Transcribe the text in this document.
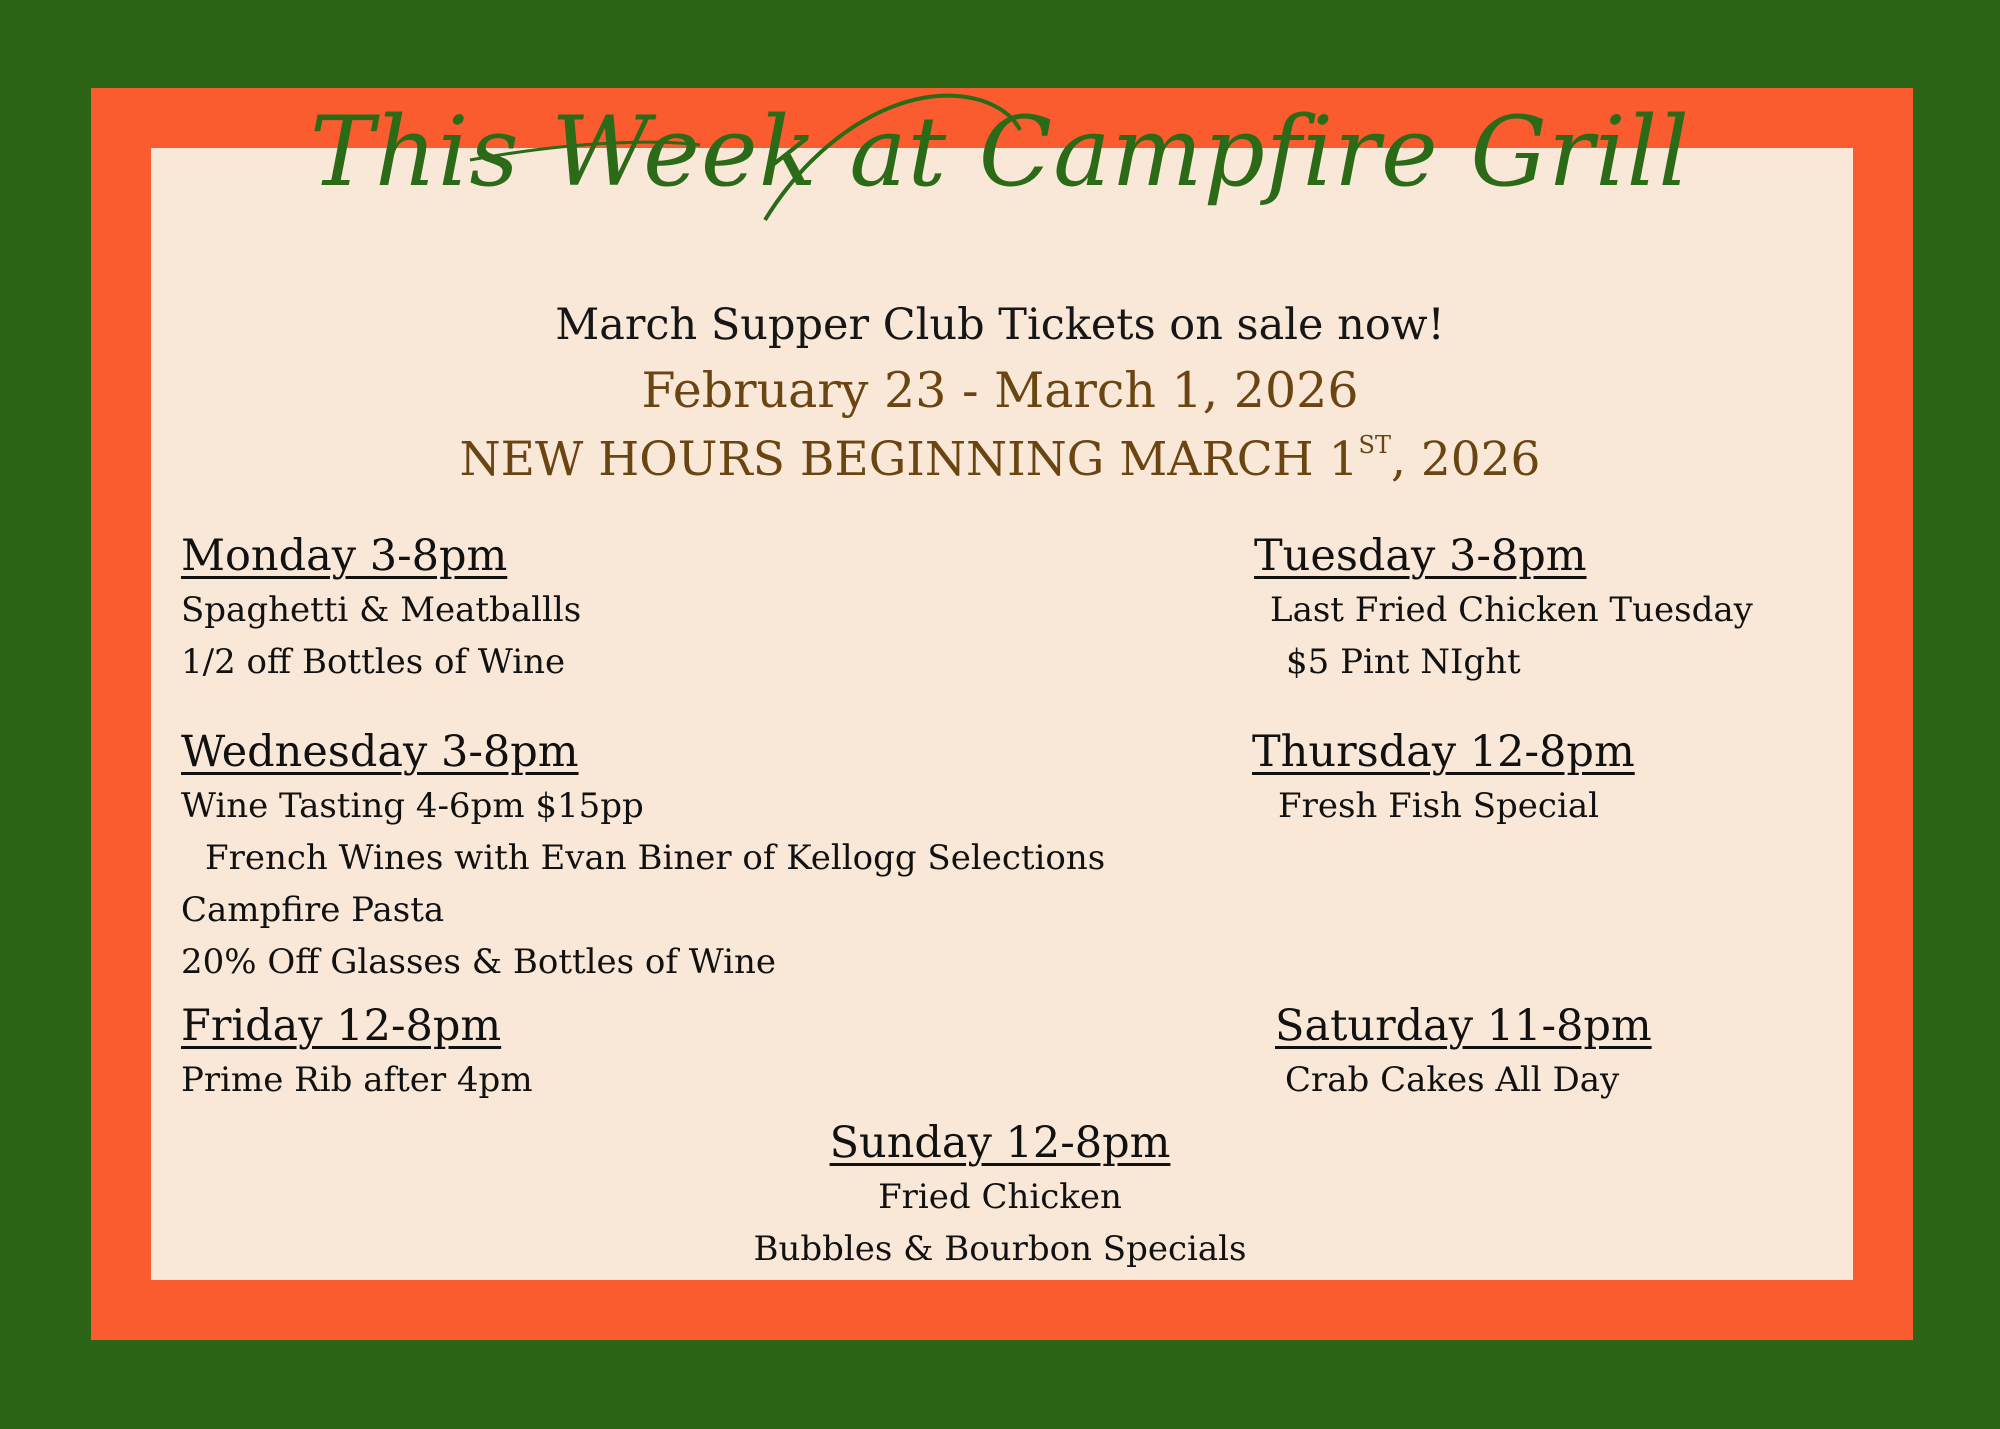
This Week at Campfire Grill

March Supper Club Tickets on sale now!

February 23 - March 1, 2026

NEW HOURS BEGINNING MARCH 1ST, 2026

Monday 3-8pm
Spaghetti & Meatballls
1/2 off Bottles of Wine
Tuesday 3-8pm
Last Fried Chicken Tuesday
$5 Pint NIght
Wednesday 3-8pm
Wine Tasting 4-6pm $15pp
French Wines with Evan Biner of Kellogg Selections
Campfire Pasta
20% Off Glasses & Bottles of Wine
Thursday 12-8pm
Fresh Fish Special
Friday 12-8pm
Prime Rib after 4pm
Saturday 11-8pm
Crab Cakes All Day
Sunday 12-8pm
Fried Chicken
Bubbles & Bourbon Specials
